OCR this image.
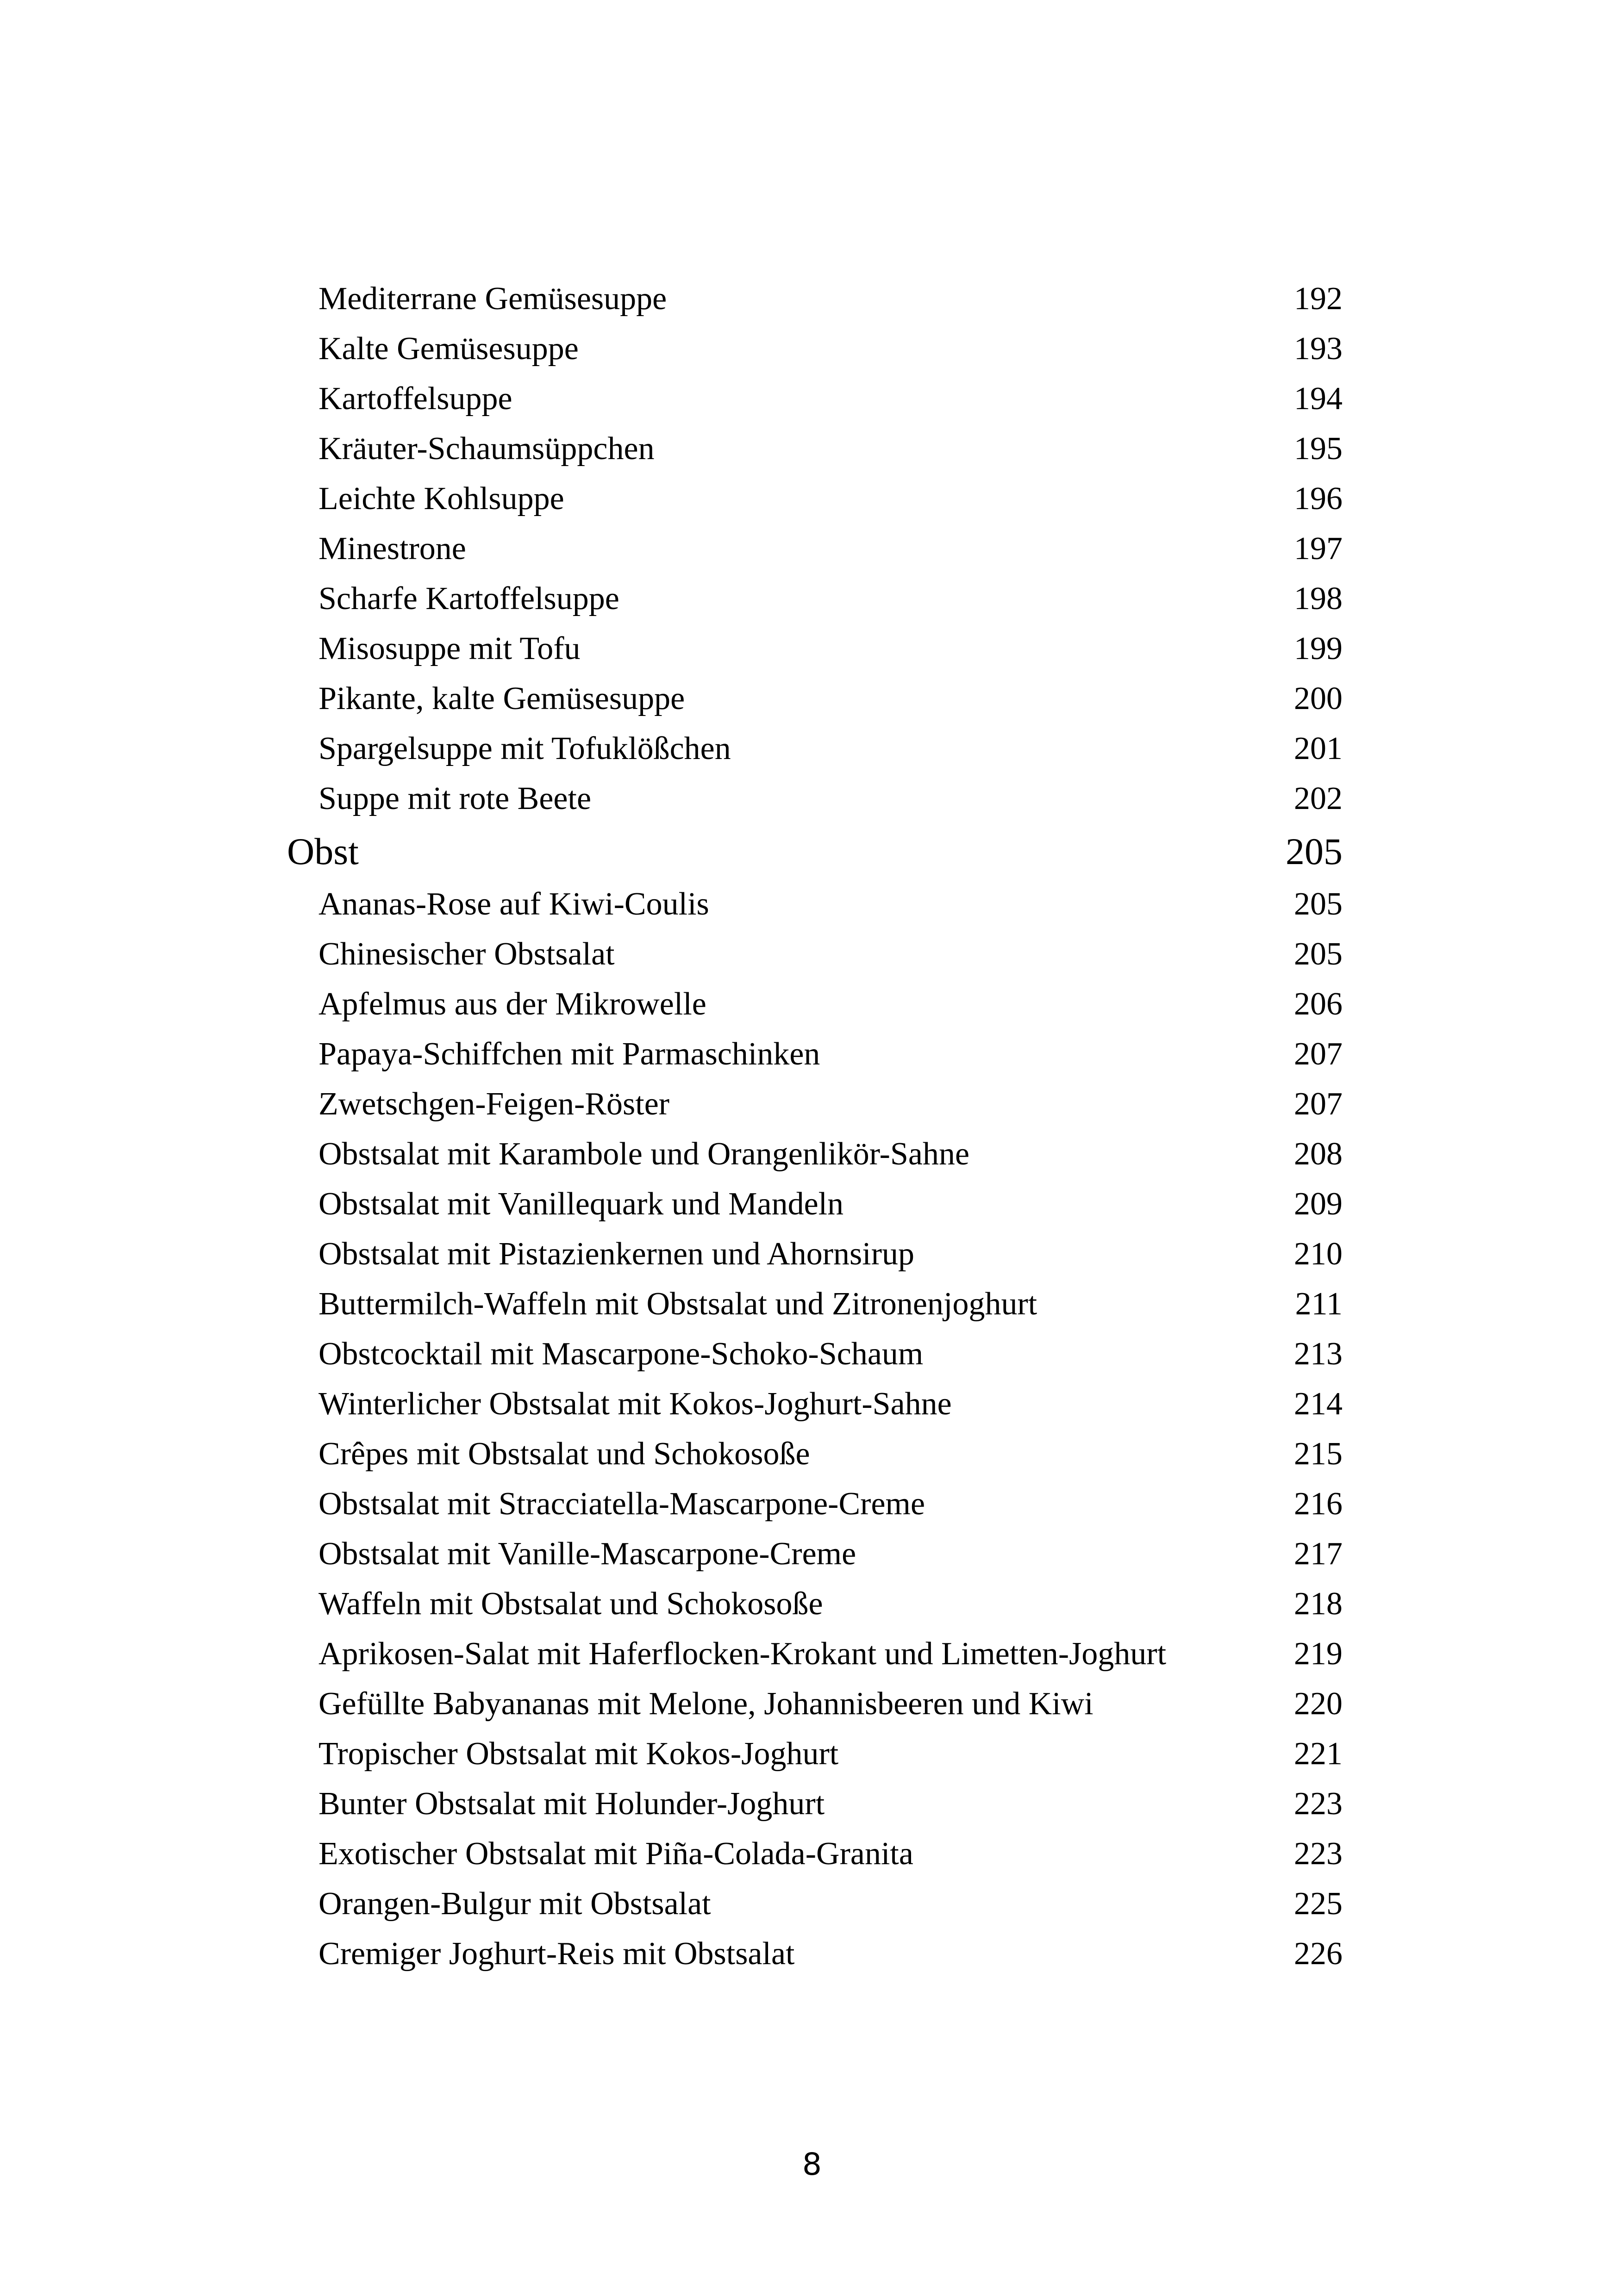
Mediterrane Gemüsesuppe	192
Kalte Gemüsesuppe	193
Kartoffelsuppe	194
Kräuter-Schaumsüppchen	195
Leichte Kohlsuppe	196
Minestrone	197
Scharfe Kartoffelsuppe	198
Misosuppe mit Tofu	199
Pikante, kalte Gemüsesuppe	200
Spargelsuppe mit Tofuklößchen	201
Suppe mit rote Beete	202
Obst	205
Ananas-Rose auf Kiwi-Coulis	205
Chinesischer Obstsalat	205
Apfelmus aus der Mikrowelle	206
Papaya-Schiffchen mit Parmaschinken	207
Zwetschgen-Feigen-Röster	207
Obstsalat mit Karambole und Orangenlikör-Sahne	208
Obstsalat mit Vanillequark und Mandeln	209
Obstsalat mit Pistazienkernen und Ahornsirup	210
Buttermilch-Waffeln mit Obstsalat und Zitronenjoghurt	211
Obstcocktail mit Mascarpone-Schoko-Schaum	213
Winterlicher Obstsalat mit Kokos-Joghurt-Sahne	214
Crêpes mit Obstsalat und Schokosoße	215
Obstsalat mit Stracciatella-Mascarpone-Creme	216
Obstsalat mit Vanille-Mascarpone-Creme	217
Waffeln mit Obstsalat und Schokosoße	218
Aprikosen-Salat mit Haferflocken-Krokant und Limetten-Joghurt	219
Gefüllte Babyananas mit Melone, Johannisbeeren und Kiwi	220
Tropischer Obstsalat mit Kokos-Joghurt	221
Bunter Obstsalat mit Holunder-Joghurt	223
Exotischer Obstsalat mit Piña-Colada-Granita	223
Orangen-Bulgur mit Obstsalat	225
Cremiger Joghurt-Reis mit Obstsalat	226
8
